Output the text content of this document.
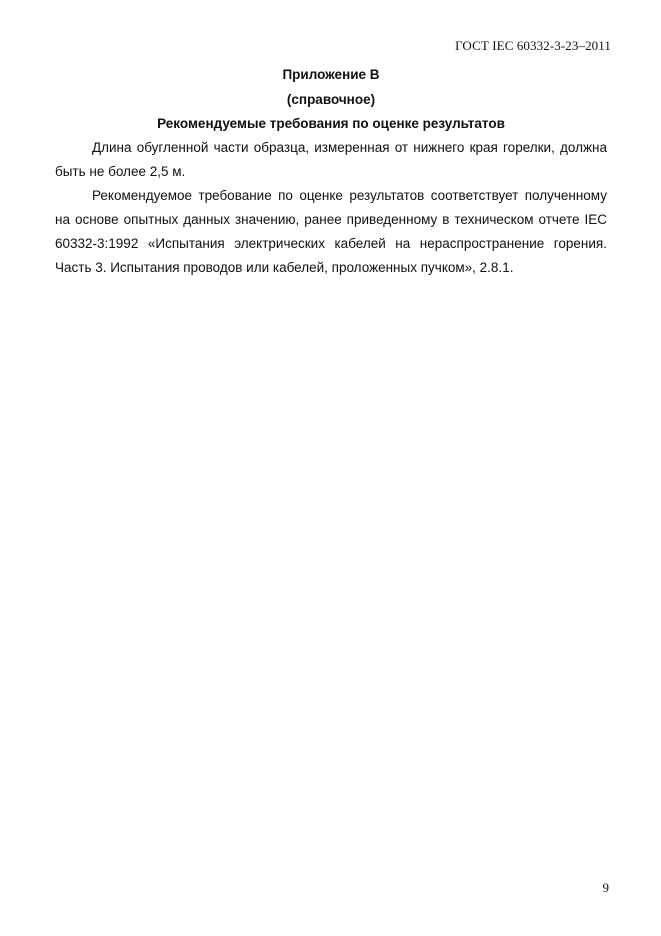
ГОСТ IEC 60332-3-23–2011
Приложение В
(справочное)
Рекомендуемые требования по оценке результатов

Длина обугленной части образца, измеренная от нижнего края горелки, должна быть не более 2,5 м.

Рекомендуемое требование по оценке результатов соответствует полученному на основе опытных данных значению, ранее приведенному в техническом отчете IEC 60332-3:1992 «Испытания электрических кабелей на нераспространение горения. Часть 3. Испытания проводов или кабелей, проложенных пучком», 2.8.1.

9
